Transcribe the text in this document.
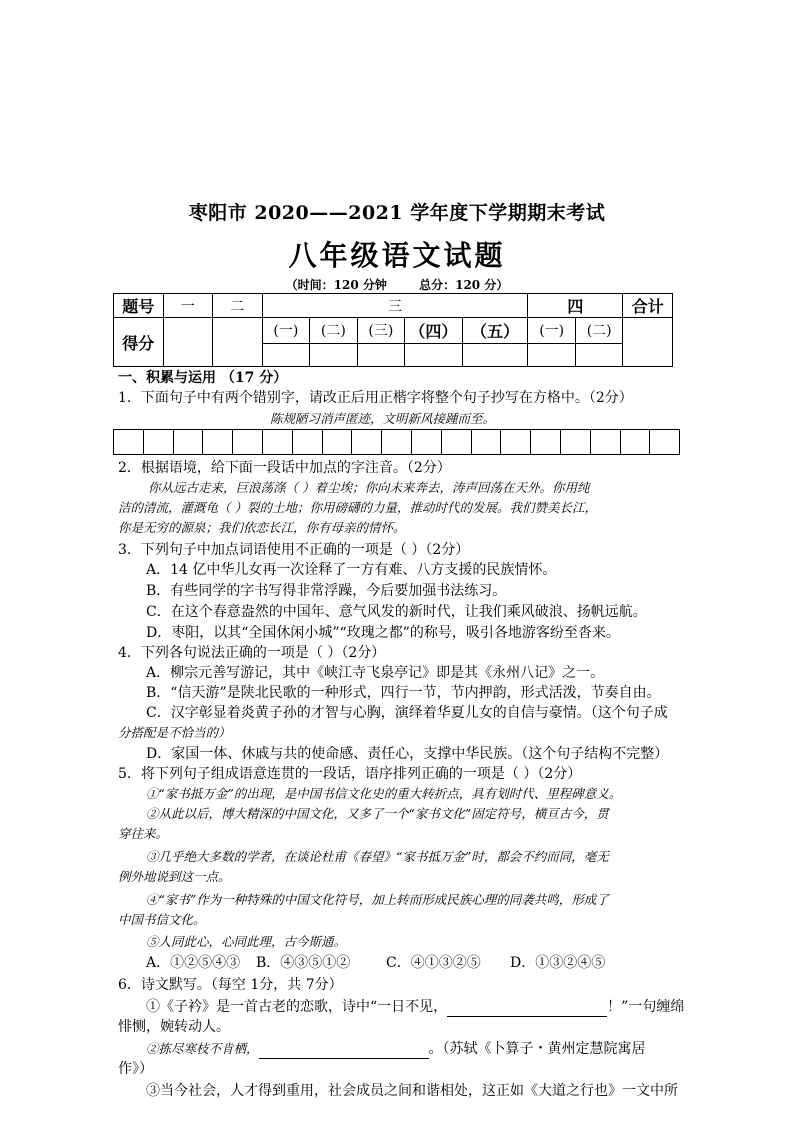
枣阳市 2020——2021 学年度下学期期末考试
八年级语文试题
（时间：120 分钟	总分：120 分）
题号	一	二	三					四		合计
得分			(一)	(二)	(三)	（四）	（五）	(一)	(二)	

一、积累与运用 （17 分）
1．下面句子中有两个错别字，请改正后用正楷字将整个句子抄写在方格中。（2分）
陈规陋习消声匿迹，文明新风接踵而至。
2．根据语境，给下面一段话中加点的字注音。（2分）
你从远古走来，巨浪荡涤（ ）着尘埃；你向未来奔去，涛声回荡在天外。你用纯
洁的清流，灌溉龟（ ）裂的土地；你用磅礴的力量，推动时代的发展。我们赞美长江，
你是无穷的源泉；我们依恋长江，你有母亲的情怀。
3．下列句子中加点词语使用不正确的一项是（ ）（2分）
A．14 亿中华儿女再一次诠释了一方有难、八方支援的民族情怀。
B．有些同学的字书写得非常浮躁，今后要加强书法练习。
C．在这个春意盎然的中国年、意气风发的新时代，让我们乘风破浪、扬帆远航。
D．枣阳，以其“全国休闲小城”“玫瑰之都”的称号，吸引各地游客纷至沓来。
4．下列各句说法正确的一项是（ ）（2分）
A．柳宗元善写游记，其中《峡江寺飞泉亭记》即是其《永州八记》之一。
B．“信天游”是陕北民歌的一种形式，四行一节，节内押韵，形式活泼，节奏自由。
C．汉字彰显着炎黄子孙的才智与心胸，演绎着华夏儿女的自信与豪情。（这个句子成
分搭配是不恰当的）
D．家国一体、休戚与共的使命感、责任心，支撑中华民族。（这个句子结构不完整）
5．将下列句子组成语意连贯的一段话，语序排列正确的一项是（ ）（2分）
①“家书抵万金”的出现，是中国书信文化史的重大转折点，具有划时代、里程碑意义。
②从此以后，博大精深的中国文化，又多了一个“家书文化”固定符号，横亘古今，贯
穿往来。
③几乎绝大多数的学者，在谈论杜甫《春望》“家书抵万金”时，都会不约而同，毫无
例外地说到这一点。
④“家书”作为一种特殊的中国文化符号，加上转而形成民族心理的同袭共鸣，形成了
中国书信文化。
⑤人同此心，心同此理，古今斯通。
A．①②⑤④③ B．④③⑤①②	C．④①③②⑤ D．①③②④⑤
6．诗文默写。（每空 1分，共 7分）
①《子衿》是一首古老的恋歌，诗中“一日不见，	！”一句缠绵
悱恻，婉转动人。
②拣尽寒枝不肯栖，	。（苏轼《卜算子・黄州定慧院寓居
作》）
③当今社会，人才得到重用，社会成员之间和谐相处，这正如《大道之行也》一文中所
